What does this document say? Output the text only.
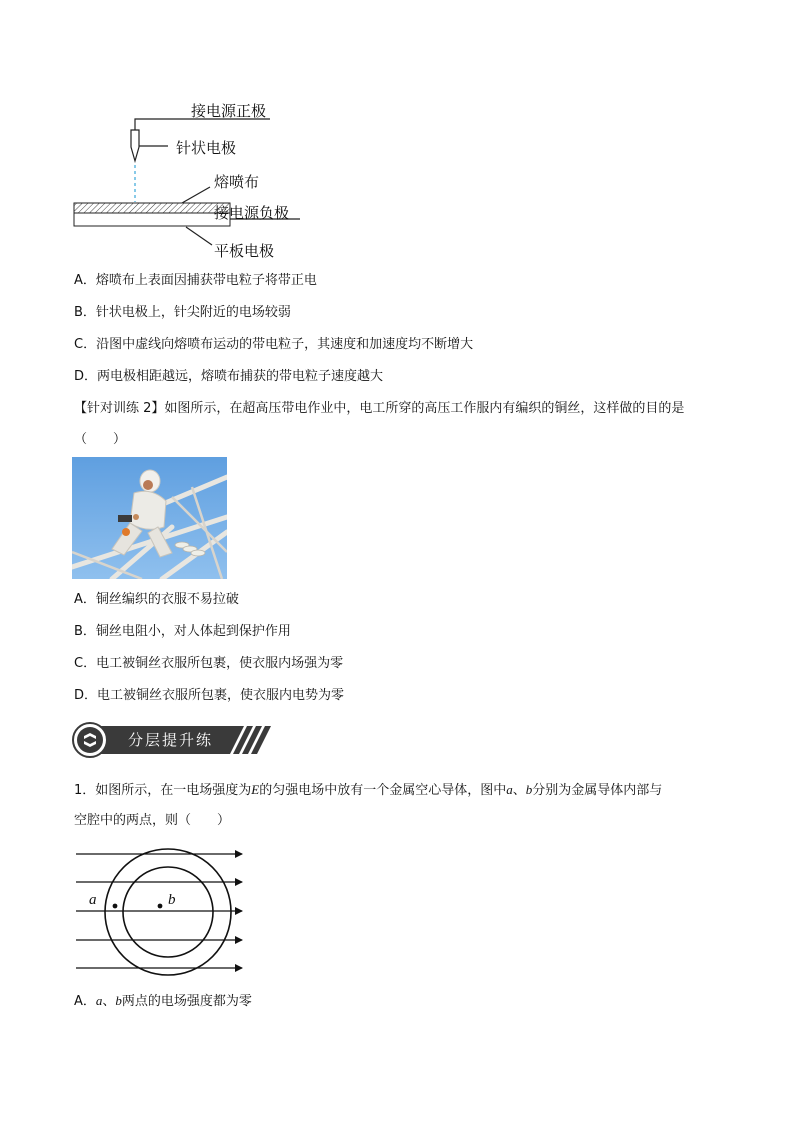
接电源正极
针状电极
熔喷布
接电源负极
平板电极
A．熔喷布上表面因捕获带电粒子将带正电
B．针状电极上，针尖附近的电场较弱
C．沿图中虚线向熔喷布运动的带电粒子，其速度和加速度均不断增大
D．两电极相距越远，熔喷布捕获的带电粒子速度越大
【针对训练 2】如图所示，在超高压带电作业中，电工所穿的高压工作服内有编织的铜丝，这样做的目的是
（　　）
A．铜丝编织的衣服不易拉破
B．铜丝电阻小，对人体起到保护作用
C．电工被铜丝衣服所包裹，使衣服内场强为零
D．电工被铜丝衣服所包裹，使衣服内电势为零
分层提升练
1．如图所示，在一电场强度为E的匀强电场中放有一个金属空心导体，图中a、b分别为金属导体内部与
空腔中的两点，则（　　）
a	b
A．a、b两点的电场强度都为零
